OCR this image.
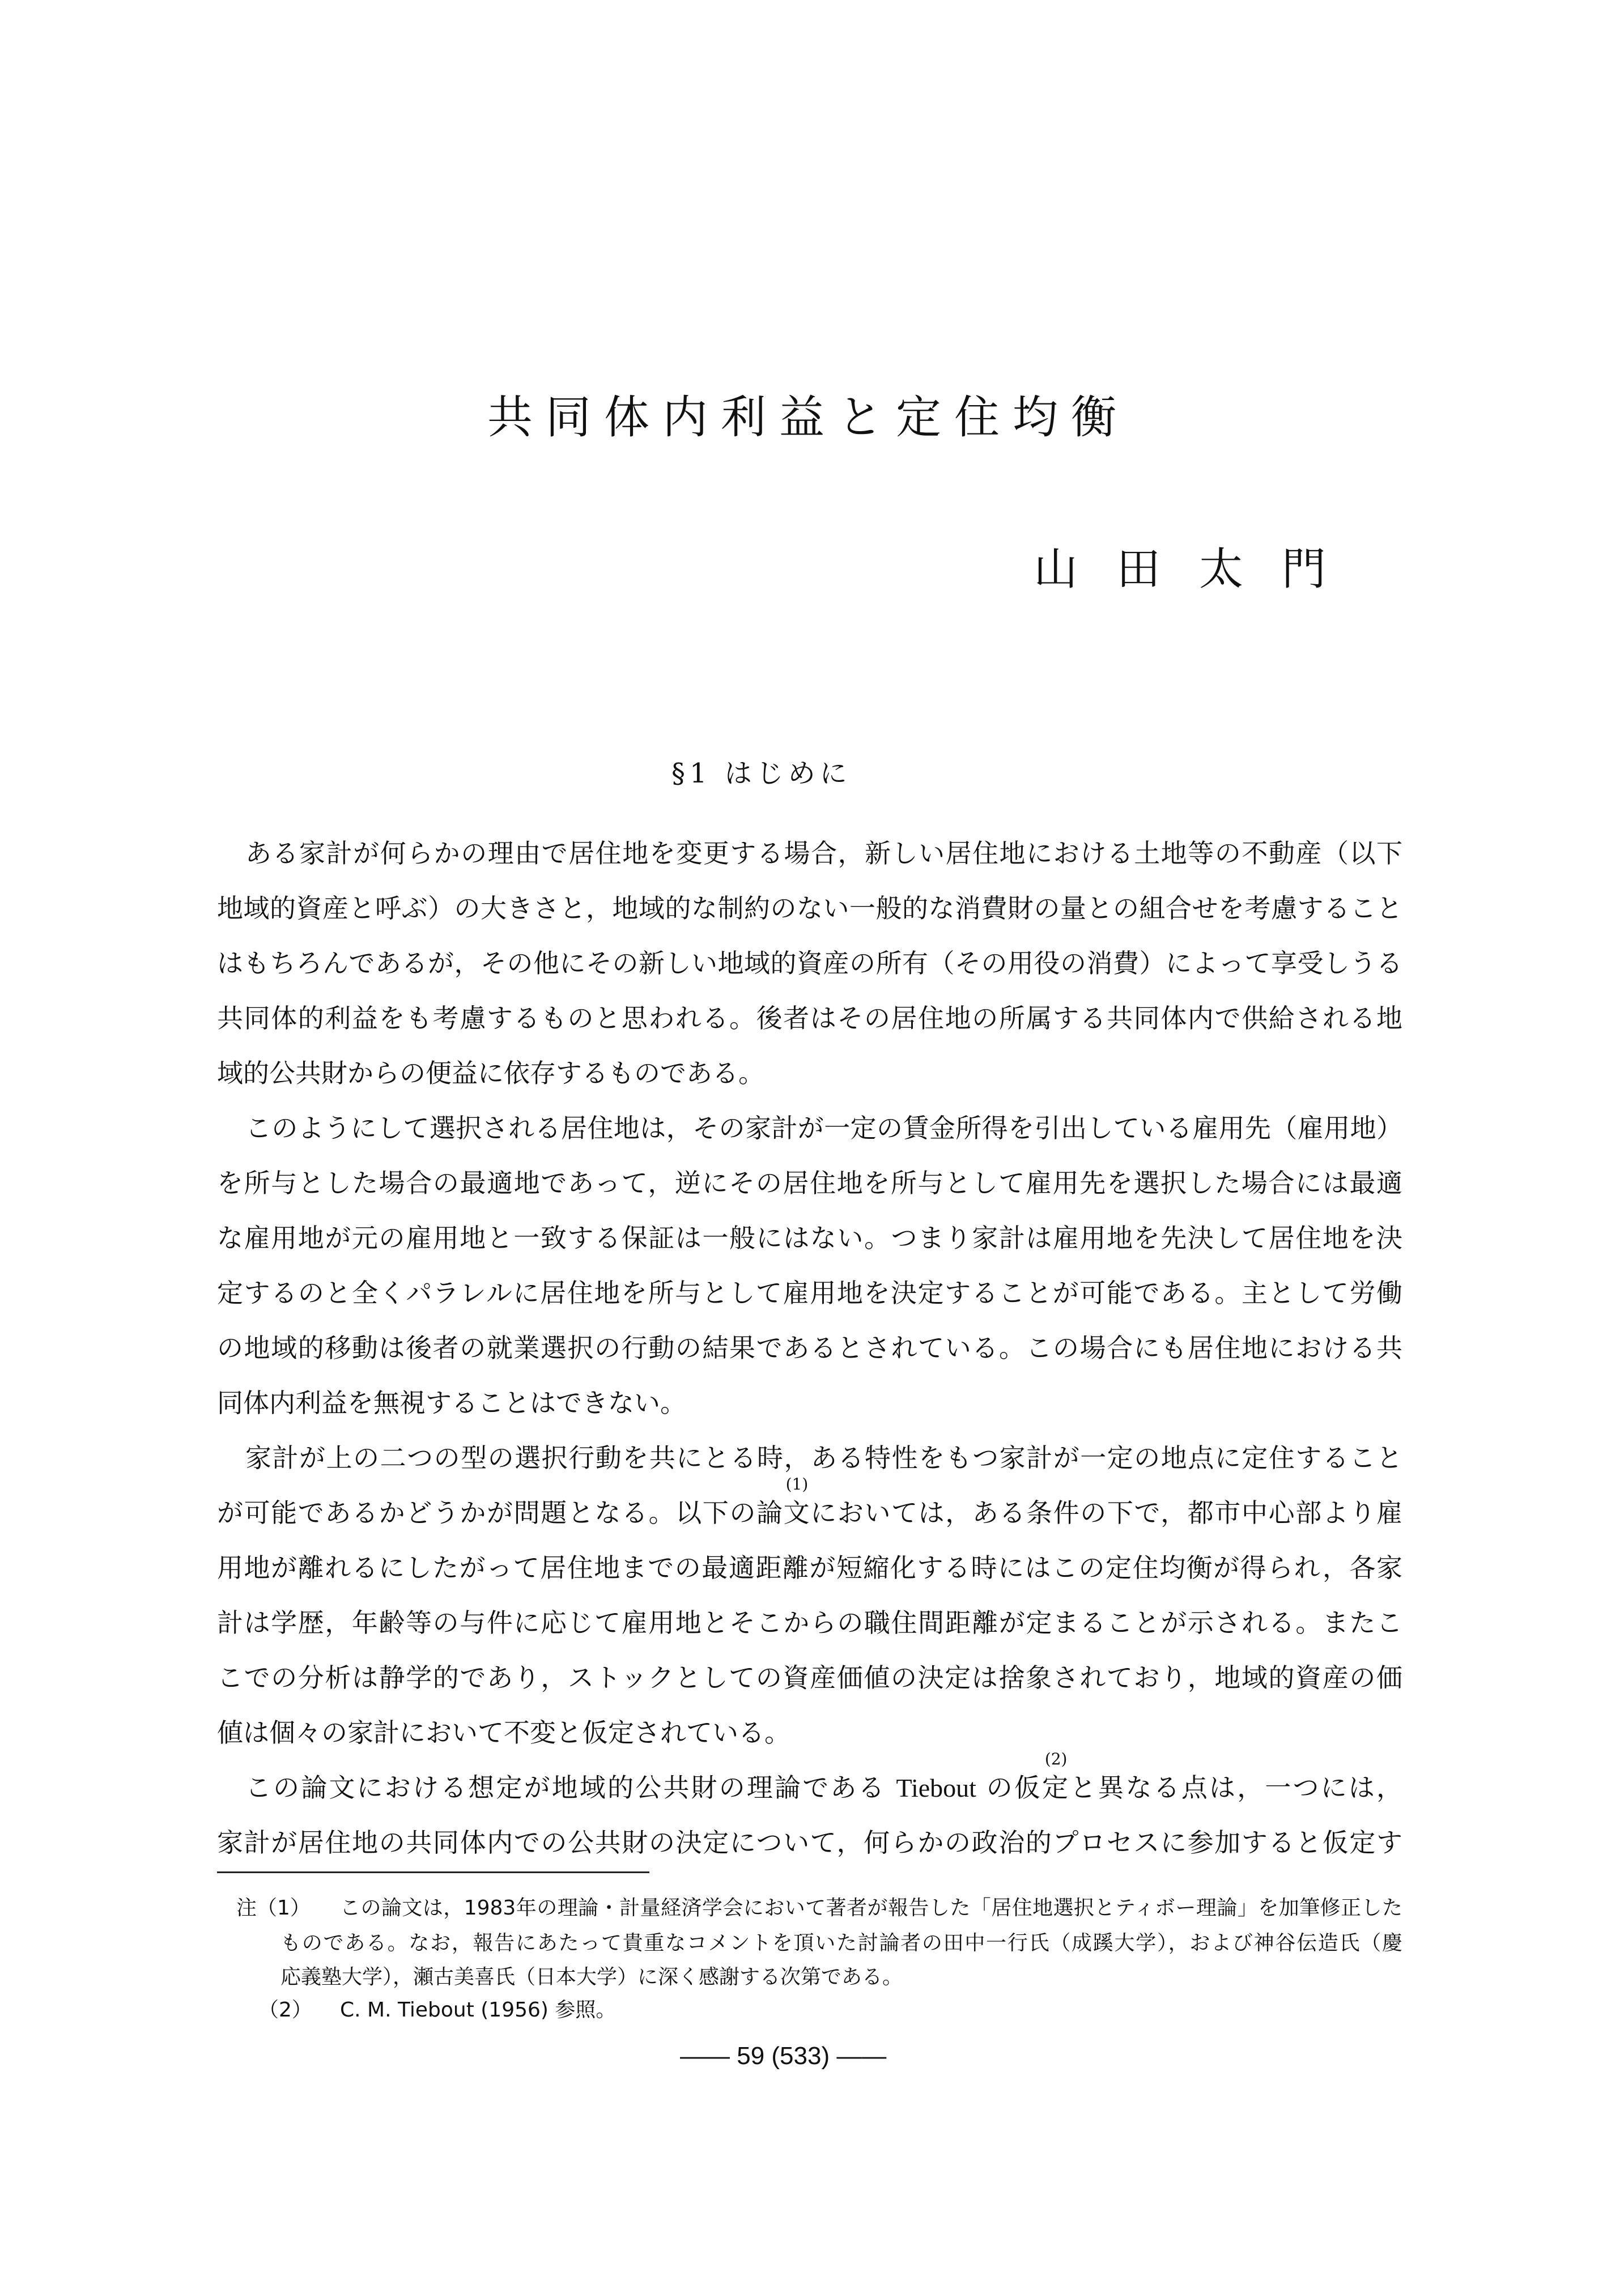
共同体内利益と定住均衡
山田太門
§1 はじめに
ある家計が何らかの理由で居住地を変更する場合，新しい居住地における土地等の不動産（以下
地域的資産と呼ぶ）の大きさと，地域的な制約のない一般的な消費財の量との組合せを考慮すること
はもちろんであるが，その他にその新しい地域的資産の所有（その用役の消費）によって享受しうる
共同体的利益をも考慮するものと思われる。後者はその居住地の所属する共同体内で供給される地
域的公共財からの便益に依存するものである。
このようにして選択される居住地は，その家計が一定の賃金所得を引出している雇用先（雇用地）
を所与とした場合の最適地であって，逆にその居住地を所与として雇用先を選択した場合には最適
な雇用地が元の雇用地と一致する保証は一般にはない。つまり家計は雇用地を先決して居住地を決
定するのと全くパラレルに居住地を所与として雇用地を決定することが可能である。主として労働
の地域的移動は後者の就業選択の行動の結果であるとされている。この場合にも居住地における共
同体内利益を無視することはできない。
家計が上の二つの型の選択行動を共にとる時，ある特性をもつ家計が一定の地点に定住すること
が可能であるかどうかが問題となる。以下の論文
(1)
においては，ある条件の下で，都市中心部より雇
用地が離れるにしたがって居住地までの最適距離が短縮化する時にはこの定住均衡が得られ，各家
計は学歴，年齢等の与件に応じて雇用地とそこからの職住間距離が定まることが示される。またこ
こでの分析は静学的であり，ストックとしての資産価値の決定は捨象されており，地域的資産の価
値は個々の家計において不変と仮定されている。
この論文における想定が地域的公共財の理論である Tiebout の仮定
(2)
と異なる点は，一つには，
家計が居住地の共同体内での公共財の決定について，何らかの政治的プロセスに参加すると仮定す
注（1） この論文は，1983年の理論・計量経済学会において著者が報告した「居住地選択とティボー理論」を加筆修正した
ものである。なお，報告にあたって貴重なコメントを頂いた討論者の田中一行氏（成蹊大学），および神谷伝造氏（慶
応義塾大学），瀬古美喜氏（日本大学）に深く感謝する次第である。
（2） C. M. Tiebout (1956) 参照。
—— 59 (533) ——
